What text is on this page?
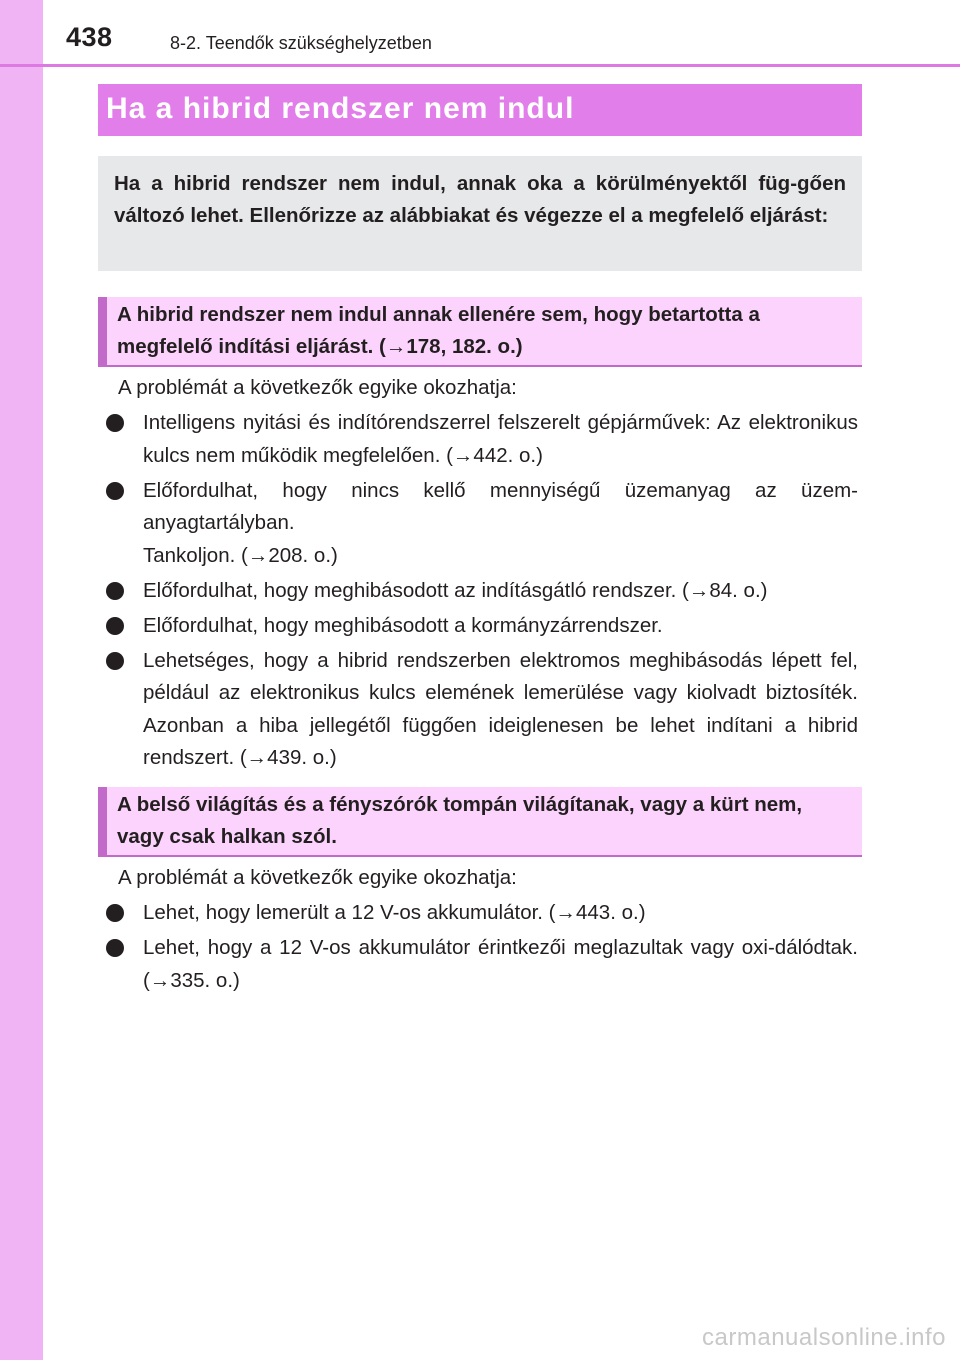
438	8-2. Teendők szükséghelyzetben
Ha a hibrid rendszer nem indul
Ha a hibrid rendszer nem indul, annak oka a körülményektől füg-gően változó lehet. Ellenőrizze az alábbiakat és végezze el a megfelelő eljárást:
A hibrid rendszer nem indul annak ellenére sem, hogy betartotta a megfelelő indítási eljárást. (→178, 182. o.)

A problémát a következők egyike okozhatja:

Intelligens nyitási és indítórendszerrel felszerelt gépjárművek: Az elektronikus kulcs nem működik megfelelően. (→442. o.)
Előfordulhat, hogy nincs kellő mennyiségű üzemanyag az üzem-anyagtartályban.
Tankoljon. (→208. o.)
Előfordulhat, hogy meghibásodott az indításgátló rendszer. (→84. o.)
Előfordulhat, hogy meghibásodott a kormányzárrendszer.
Lehetséges, hogy a hibrid rendszerben elektromos meghibásodás lépett fel, például az elektronikus kulcs elemének lemerülése vagy kiolvadt biztosíték. Azonban a hiba jellegétől függően ideiglenesen be lehet indítani a hibrid rendszert. (→439. o.)
A belső világítás és a fényszórók tompán világítanak, vagy a kürt nem, vagy csak halkan szól.

A problémát a következők egyike okozhatja:

Lehet, hogy lemerült a 12 V-os akkumulátor. (→443. o.)
Lehet, hogy a 12 V-os akkumulátor érintkezői meglazultak vagy oxi-dálódtak. (→335. o.)
carmanualsonline.info
